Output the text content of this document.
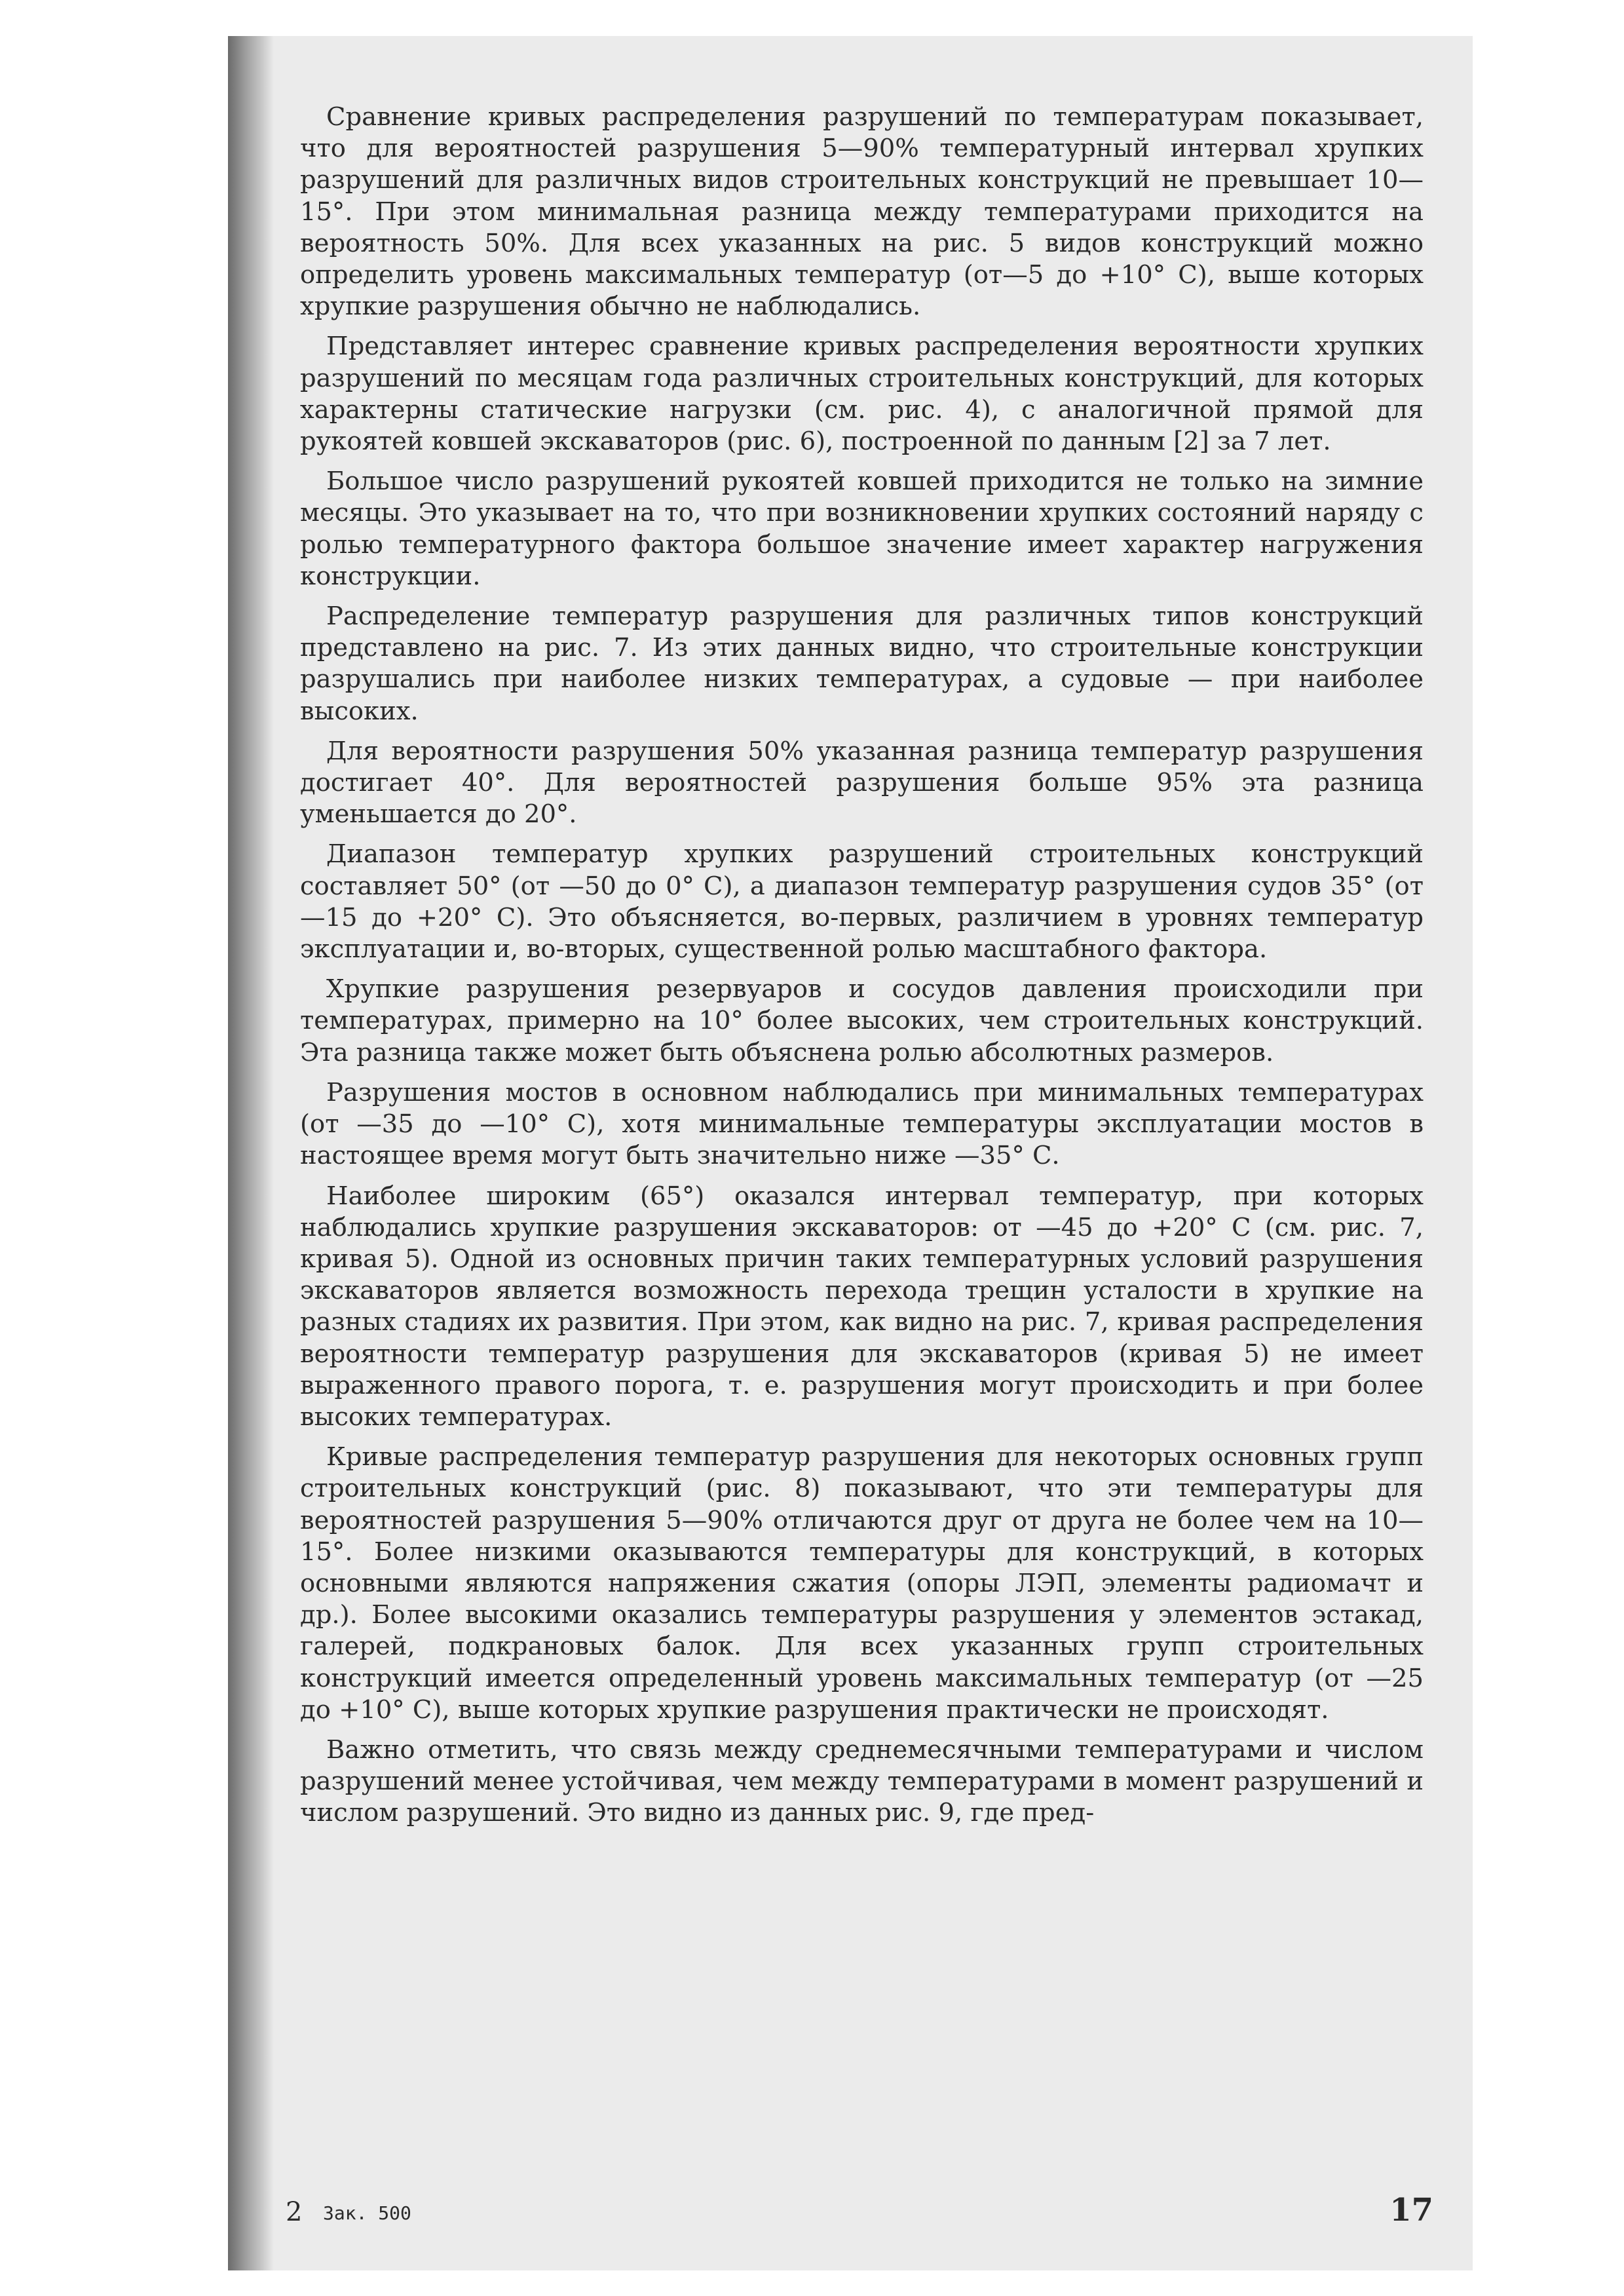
Сравнение кривых распределения разрушений по температурам показывает, что для вероятностей разрушения 5—90% температурный интервал хрупких разрушений для различных видов строительных конструкций не превышает 10—15°. При этом минимальная разница между температурами приходится на вероятность 50%. Для всех указанных на рис. 5 видов конструкций можно определить уровень максимальных температур (от—5 до +10° С), выше которых хрупкие разрушения обычно не наблюдались.

Представляет интерес сравнение кривых распределения вероятности хрупких разрушений по месяцам года различных строительных конструкций, для которых характерны статические нагрузки (см. рис. 4), с аналогичной прямой для рукоятей ковшей экскаваторов (рис. 6), построенной по данным [2] за 7 лет.

Большое число разрушений рукоятей ковшей приходится не только на зимние месяцы. Это указывает на то, что при возникновении хрупких состояний наряду с ролью температурного фактора большое значение имеет характер нагружения конструкции.

Распределение температур разрушения для различных типов конструкций представлено на рис. 7. Из этих данных видно, что строительные конструкции разрушались при наиболее низких температурах, а судовые — при наиболее высоких.

Для вероятности разрушения 50% указанная разница температур разрушения достигает 40°. Для вероятностей разрушения больше 95% эта разница уменьшается до 20°.

Диапазон температур хрупких разрушений строительных конструкций составляет 50° (от —50 до 0° С), а диапазон температур разрушения судов 35° (от —15 до +20° С). Это объясняется, во-первых, различием в уровнях температур эксплуатации и, во-вторых, существенной ролью масштабного фактора.

Хрупкие разрушения резервуаров и сосудов давления происходили при температурах, примерно на 10° более высоких, чем строительных конструкций. Эта разница также может быть объяснена ролью абсолютных размеров.

Разрушения мостов в основном наблюдались при минимальных температурах (от —35 до —10° С), хотя минимальные температуры эксплуатации мостов в настоящее время могут быть значительно ниже —35° С.

Наиболее широким (65°) оказался интервал температур, при которых наблюдались хрупкие разрушения экскаваторов: от —45 до +20° С (см. рис. 7, кривая 5). Одной из основных причин таких температурных условий разрушения экскаваторов является возможность перехода трещин усталости в хрупкие на разных стадиях их развития. При этом, как видно на рис. 7, кривая распределения вероятности температур разрушения для экскаваторов (кривая 5) не имеет выраженного правого порога, т. е. разрушения могут происходить и при более высоких температурах.

Кривые распределения температур разрушения для некоторых основных групп строительных конструкций (рис. 8) показывают, что эти температуры для вероятностей разрушения 5—90% отличаются друг от друга не более чем на 10—15°. Более низкими оказываются температуры для конструкций, в которых основными являются напряжения сжатия (опоры ЛЭП, элементы радиомачт и др.). Более высокими оказались температуры разрушения у элементов эстакад, галерей, подкрановых балок. Для всех указанных групп строительных конструкций имеется определенный уровень максимальных температур (от —25 до +10° С), выше которых хрупкие разрушения практически не происходят.

Важно отметить, что связь между среднемесячными температурами и числом разрушений менее устойчивая, чем между температурами в момент разрушений и числом разрушений. Это видно из данных рис. 9, где пред-

2 Зак. 500	17
